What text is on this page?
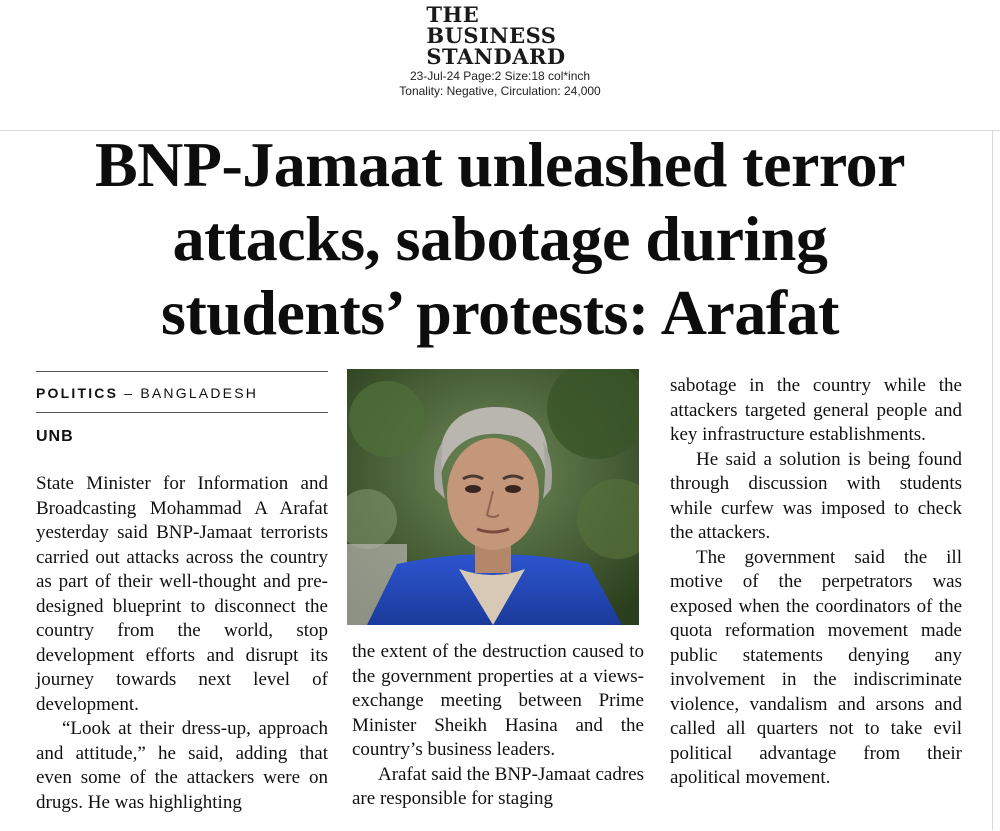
THE
BUSINESS
STANDARD
23-Jul-24 Page:2 Size:18 col*inch
Tonality: Negative, Circulation: 24,000
BNP-Jamaat unleashed terror
attacks, sabotage during
students’ protests: Arafat
POLITICS – BANGLADESH
UNB

State Minister for Information and Broadcasting Mohammad A Arafat yesterday said BNP-Jamaat terrorists carried out attacks across the country as part of their well-thought and pre-designed blueprint to disconnect the country from the world, stop development efforts and disrupt its journey towards next level of development.

“Look at their dress-up, approach and attitude,” he said, adding that even some of the attackers were on drugs. He was highlighting

the extent of the destruction caused to the government properties at a views-exchange meeting between Prime Minister Sheikh Hasina and the country’s business leaders.

Arafat said the BNP-Jamaat cadres are responsible for staging

sabotage in the country while the attackers targeted general people and key infrastructure establishments.

He said a solution is being found through discussion with students while curfew was imposed to check the attackers.

The government said the ill motive of the perpetrators was exposed when the coordinators of the quota reformation movement made public statements denying any involvement in the indiscriminate violence, vandalism and arsons and called all quarters not to take evil political advantage from their apolitical movement.
